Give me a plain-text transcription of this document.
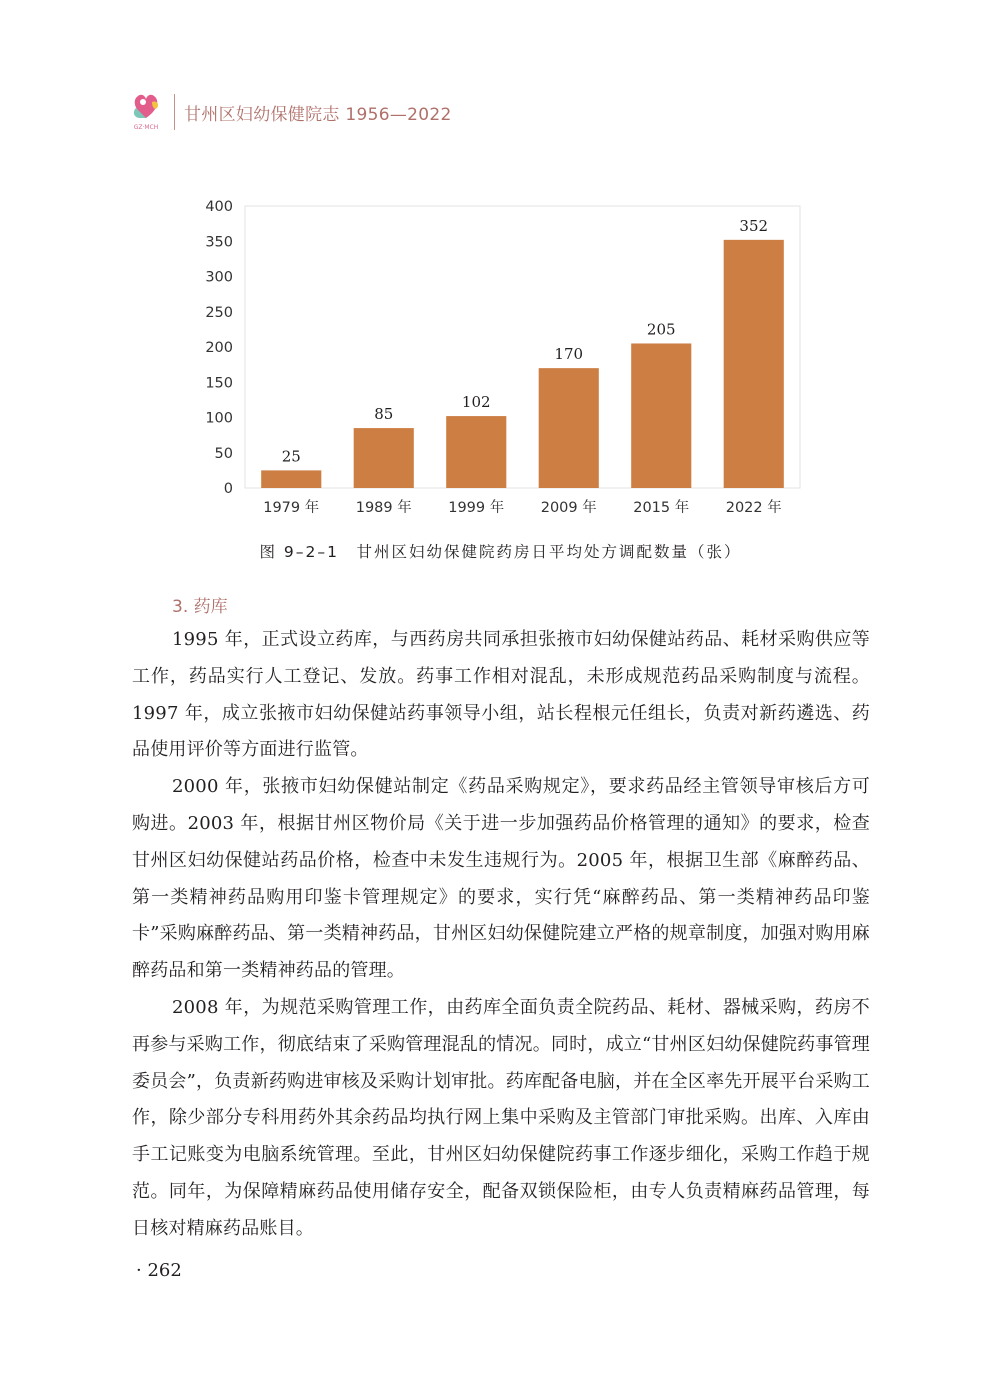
GZ·MCH
甘州区妇幼保健院志 1956—2022
25
85
102
170
205
352
0
50
100
150
200
250
300
350
400
1979 年	1989 年	1999 年	2009 年	2015 年	2022 年
图 9–2–1　甘州区妇幼保健院药房日平均处方调配数量（张）
3. 药库

1995 年，正式设立药库，与西药房共同承担张掖市妇幼保健站药品、耗材采购供应等工作，药品实行人工登记、发放。药事工作相对混乱，未形成规范药品采购制度与流程。1997 年，成立张掖市妇幼保健站药事领导小组，站长程根元任组长，负责对新药遴选、药品使用评价等方面进行监管。

2000 年，张掖市妇幼保健站制定《药品采购规定》，要求药品经主管领导审核后方可购进。2003 年，根据甘州区物价局《关于进一步加强药品价格管理的通知》的要求，检查甘州区妇幼保健站药品价格，检查中未发生违规行为。2005 年，根据卫生部《麻醉药品、第一类精神药品购用印鉴卡管理规定》的要求，实行凭“麻醉药品、第一类精神药品印鉴卡”采购麻醉药品、第一类精神药品，甘州区妇幼保健院建立严格的规章制度，加强对购用麻醉药品和第一类精神药品的管理。

2008 年，为规范采购管理工作，由药库全面负责全院药品、耗材、器械采购，药房不再参与采购工作，彻底结束了采购管理混乱的情况。同时，成立“甘州区妇幼保健院药事管理委员会”，负责新药购进审核及采购计划审批。药库配备电脑，并在全区率先开展平台采购工作，除少部分专科用药外其余药品均执行网上集中采购及主管部门审批采购。出库、入库由手工记账变为电脑系统管理。至此，甘州区妇幼保健院药事工作逐步细化，采购工作趋于规范。同年，为保障精麻药品使用储存安全，配备双锁保险柜，由专人负责精麻药品管理，每日核对精麻药品账目。

· 262
